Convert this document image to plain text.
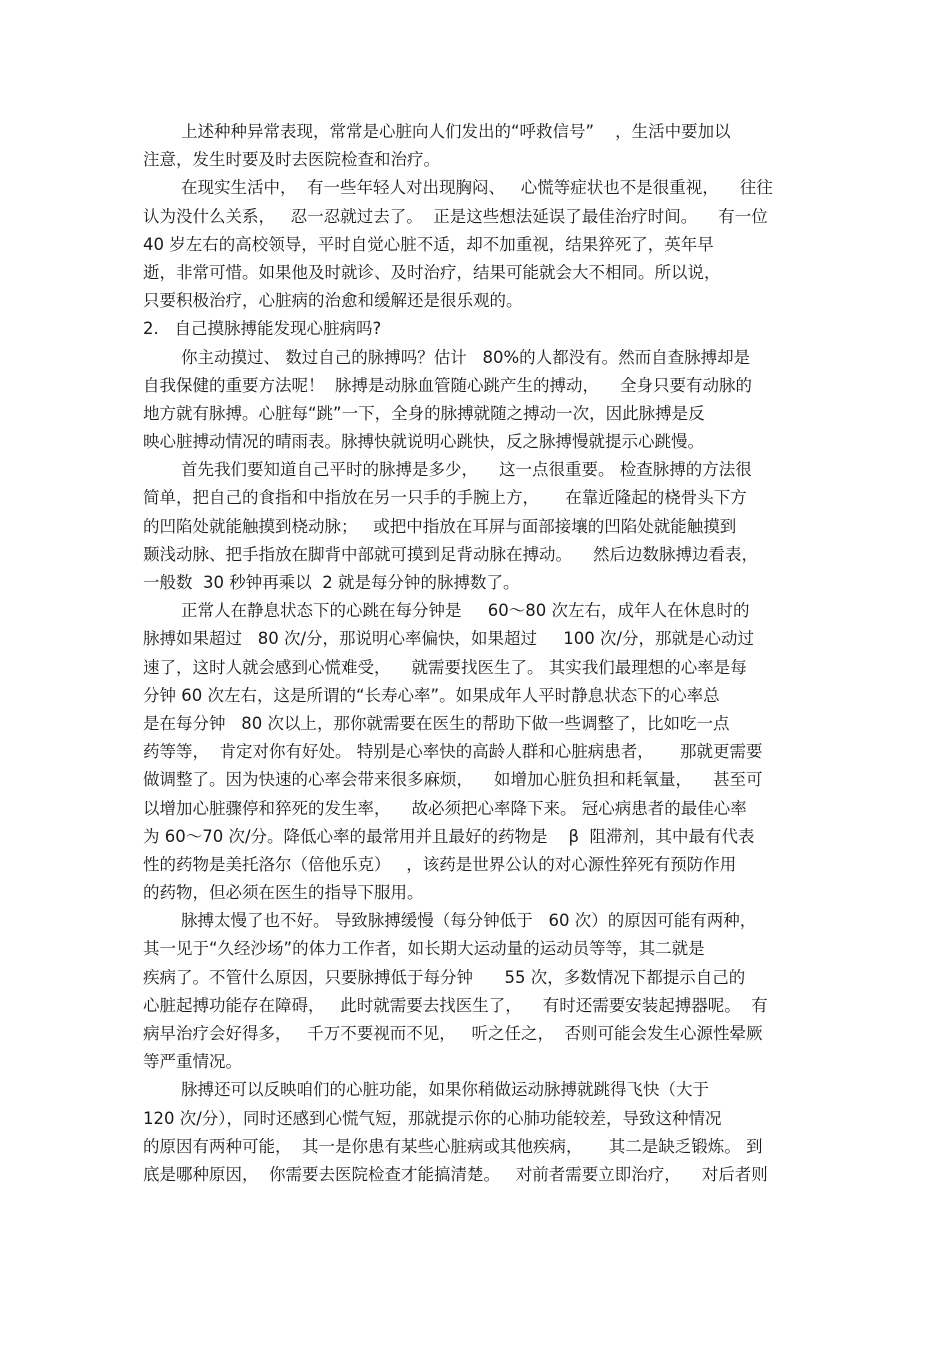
上述种种异常表现，常常是心脏向人们发出的“呼救信号”    ，生活中要加以
注意，发生时要及时去医院检查和治疗。
在现实生活中，  有一些年轻人对出现胸闷、   心慌等症状也不是很重视，    往往
认为没什么关系，   忍一忍就过去了。  正是这些想法延误了最佳治疗时间。    有一位
40 岁左右的高校领导，平时自觉心脏不适，却不加重视，结果猝死了，英年早
逝，非常可惜。如果他及时就诊、及时治疗，结果可能就会大不相同。所以说，
只要积极治疗，心脏病的治愈和缓解还是很乐观的。
2.   自己摸脉搏能发现心脏病吗?
你主动摸过、 数过自己的脉搏吗？估计   80%的人都没有。然而自查脉搏却是
自我保健的重要方法呢！  脉搏是动脉血管随心跳产生的搏动，    全身只要有动脉的
地方就有脉搏。心脏每“跳”一下，全身的脉搏就随之搏动一次，因此脉搏是反
映心脏搏动情况的晴雨表。脉搏快就说明心跳快，反之脉搏慢就提示心跳慢。
首先我们要知道自己平时的脉搏是多少，    这一点很重要。 检查脉搏的方法很
简单，把自己的食指和中指放在另一只手的手腕上方，     在靠近隆起的桡骨头下方
的凹陷处就能触摸到桡动脉；   或把中指放在耳屏与面部接壤的凹陷处就能触摸到
颞浅动脉、把手指放在脚背中部就可摸到足背动脉在搏动。    然后边数脉搏边看表，
一般数  30 秒钟再乘以  2 就是每分钟的脉搏数了。
正常人在静息状态下的心跳在每分钟是     60～80 次左右，成年人在休息时的
脉搏如果超过   80 次/分，那说明心率偏快，如果超过     100 次/分，那就是心动过
速了，这时人就会感到心慌难受，    就需要找医生了。 其实我们最理想的心率是每
分钟 60 次左右，这是所谓的“长寿心率”。如果成年人平时静息状态下的心率总
是在每分钟   80 次以上，那你就需要在医生的帮助下做一些调整了，比如吃一点
药等等，  肯定对你有好处。 特别是心率快的高龄人群和心脏病患者，     那就更需要
做调整了。因为快速的心率会带来很多麻烦，    如增加心脏负担和耗氧量，    甚至可
以增加心脏骤停和猝死的发生率，    故必须把心率降下来。 冠心病患者的最佳心率
为 60～70 次/分。降低心率的最常用并且最好的药物是    β  阻滞剂，其中最有代表
性的药物是美托洛尔（倍他乐克）   ，该药是世界公认的对心源性猝死有预防作用
的药物，但必须在医生的指导下服用。
脉搏太慢了也不好。 导致脉搏缓慢（每分钟低于   60 次）的原因可能有两种，
其一见于“久经沙场”的体力工作者，如长期大运动量的运动员等等，其二就是
疾病了。不管什么原因，只要脉搏低于每分钟      55 次，多数情况下都提示自己的
心脏起搏功能存在障碍，   此时就需要去找医生了，    有时还需要安装起搏器呢。  有
病早治疗会好得多，   千万不要视而不见，   听之任之，  否则可能会发生心源性晕厥
等严重情况。
脉搏还可以反映咱们的心脏功能，如果你稍做运动脉搏就跳得飞快（大于
120 次/分），同时还感到心慌气短，那就提示你的心肺功能较差，导致这种情况
的原因有两种可能，  其一是你患有某些心脏病或其他疾病，     其二是缺乏锻炼。 到
底是哪种原因，  你需要去医院检查才能搞清楚。   对前者需要立即治疗，    对后者则
